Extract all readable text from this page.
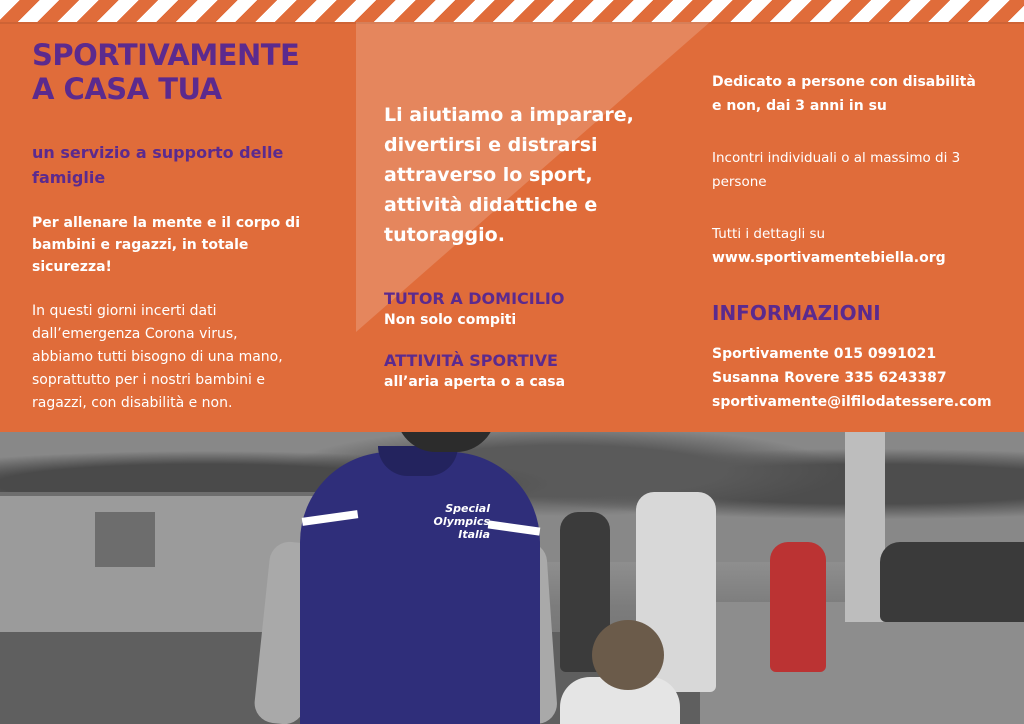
SPORTIVAMENTE
A CASA TUA
un servizio a supporto delle
famiglie
Per allenare la mente e il corpo di
bambini e ragazzi, in totale
sicurezza!
In questi giorni incerti dati
dall’emergenza Corona virus,
abbiamo tutti bisogno di una mano,
soprattutto per i nostri bambini e
ragazzi, con disabilità e non.
Li aiutiamo a imparare,
divertirsi e distrarsi
attraverso lo sport,
attività didattiche e
tutoraggio.
TUTOR A DOMICILIO
Non solo compiti
ATTIVITÀ SPORTIVE
all’aria aperta o a casa
Dedicato a persone con disabilità
e non, dai 3 anni in su
Incontri individuali o al massimo di 3
persone
Tutti i dettagli su
www.sportivamentebiella.org
INFORMAZIONI
Sportivamente 015 0991021
Susanna Rovere 335 6243387
sportivamente@ilfilodatessere.com
Special
Olympics
Italia
